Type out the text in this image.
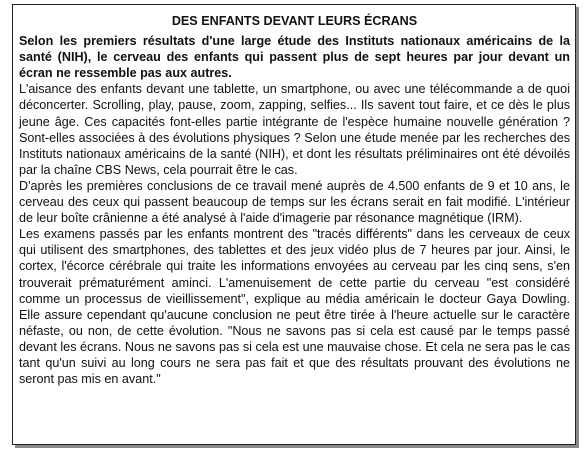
DES ENFANTS DEVANT LEURS ÉCRANS

Selon les premiers résultats d'une large étude des Instituts nationaux américains de la santé (NIH), le cerveau des enfants qui passent plus de sept heures par jour devant un écran ne ressemble pas aux autres.

L'aisance des enfants devant une tablette, un smartphone, ou avec une télécommande a de quoi déconcerter. Scrolling, play, pause, zoom, zapping, selfies... Ils savent tout faire, et ce dès le plus jeune âge. Ces capacités font-elles partie intégrante de l'espèce humaine nouvelle génération ? Sont-elles associées à des évolutions physiques ? Selon une étude menée par les recherches des Instituts nationaux américains de la santé (NIH), et dont les résultats préliminaires ont été dévoilés par la chaîne CBS News, cela pourrait être le cas.

D'après les premières conclusions de ce travail mené auprès de 4.500 enfants de 9 et 10 ans, le cerveau des ceux qui passent beaucoup de temps sur les écrans serait en fait modifié. L'intérieur de leur boîte crânienne a été analysé à l'aide d'imagerie par résonance magnétique (IRM).

Les examens passés par les enfants montrent des "tracés différents" dans les cerveaux de ceux qui utilisent des smartphones, des tablettes et des jeux vidéo plus de 7 heures par jour. Ainsi, le cortex, l'écorce cérébrale qui traite les informations envoyées au cerveau par les cinq sens, s'en trouverait prématurément aminci. L'amenuisement de cette partie du cerveau "est considéré comme un processus de vieillissement", explique au média américain le docteur Gaya Dowling. Elle assure cependant qu'aucune conclusion ne peut être tirée à l'heure actuelle sur le caractère néfaste, ou non, de cette évolution. "Nous ne savons pas si cela est causé par le temps passé devant les écrans. Nous ne savons pas si cela est une mauvaise chose. Et cela ne sera pas le cas tant qu'un suivi au long cours ne sera pas fait et que des résultats prouvant des évolutions ne seront pas mis en avant."
